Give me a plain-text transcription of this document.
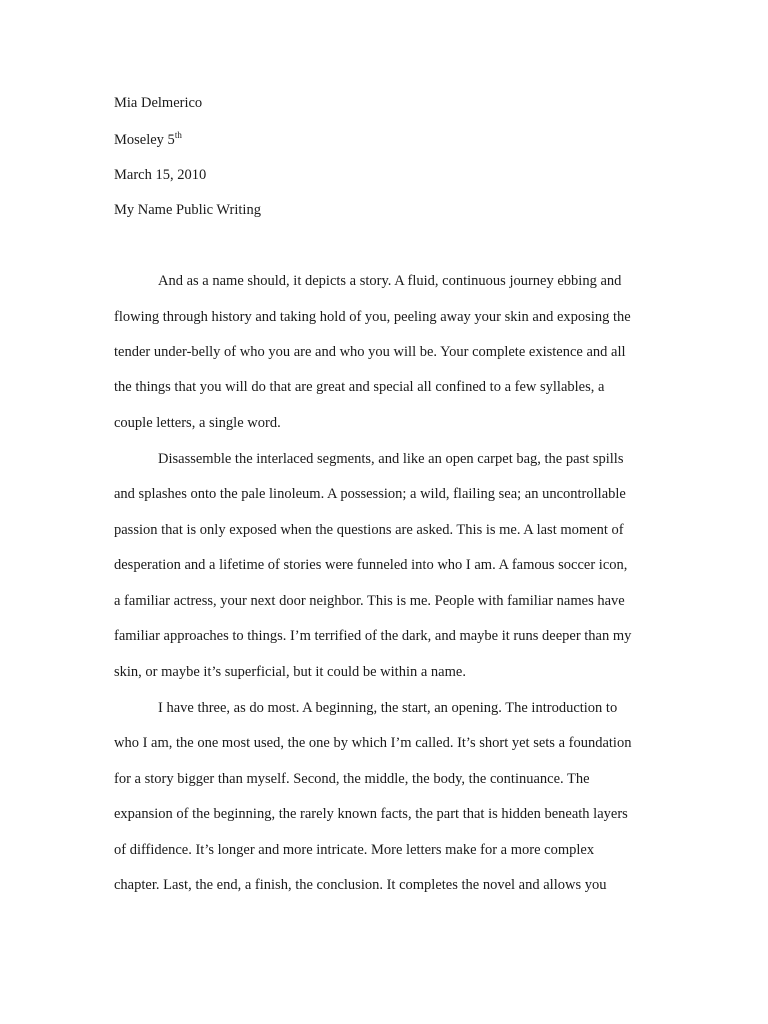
Mia Delmerico
Moseley 5th
March 15, 2010
My Name Public Writing
And as a name should, it depicts a story. A fluid, continuous journey ebbing and
flowing through history and taking hold of you, peeling away your skin and exposing the
tender under-belly of who you are and who you will be. Your complete existence and all
the things that you will do that are great and special all confined to a few syllables, a
couple letters, a single word.
Disassemble the interlaced segments, and like an open carpet bag, the past spills
and splashes onto the pale linoleum. A possession; a wild, flailing sea; an uncontrollable
passion that is only exposed when the questions are asked. This is me. A last moment of
desperation and a lifetime of stories were funneled into who I am. A famous soccer icon,
a familiar actress, your next door neighbor. This is me. People with familiar names have
familiar approaches to things. I’m terrified of the dark, and maybe it runs deeper than my
skin, or maybe it’s superficial, but it could be within a name.
I have three, as do most. A beginning, the start, an opening. The introduction to
who I am, the one most used, the one by which I’m called. It’s short yet sets a foundation
for a story bigger than myself. Second, the middle, the body, the continuance. The
expansion of the beginning, the rarely known facts, the part that is hidden beneath layers
of diffidence. It’s longer and more intricate. More letters make for a more complex
chapter. Last, the end, a finish, the conclusion. It completes the novel and allows you
